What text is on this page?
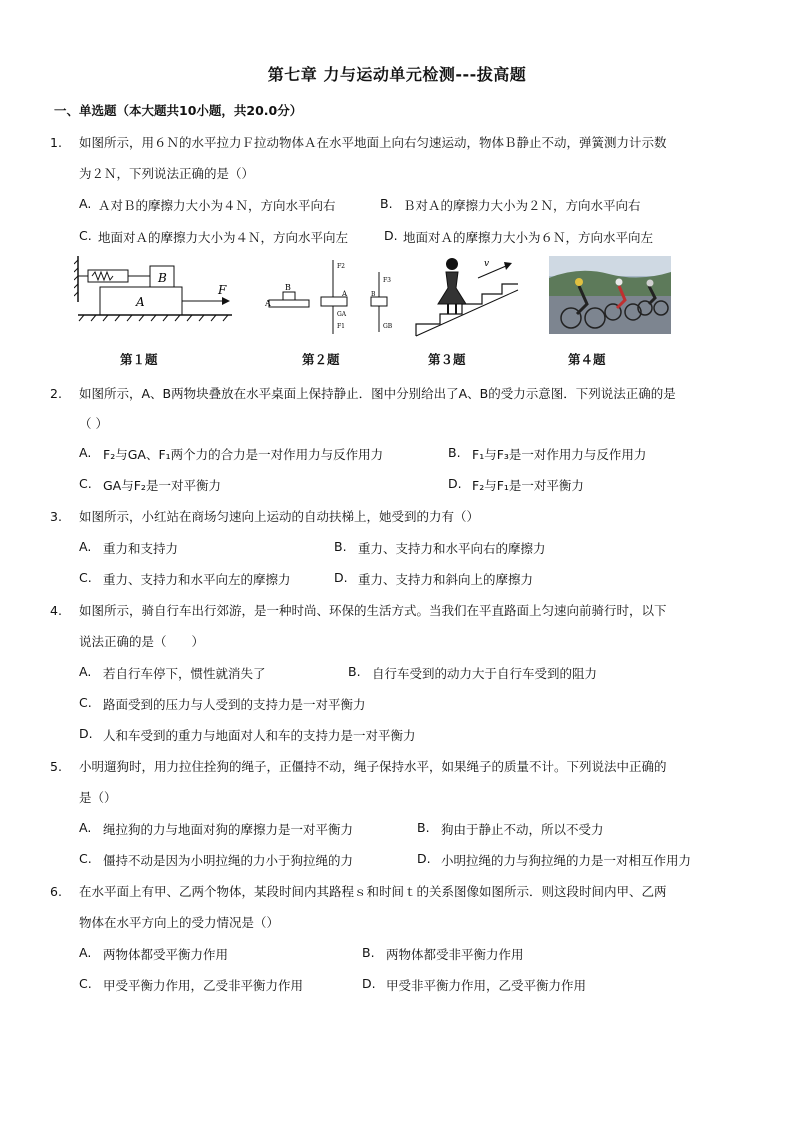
第七章 力与运动单元检测---拔高题
一、单选题（本大题共10小题，共20.0分）
1. 如图所示，用６Ｎ的水平拉力Ｆ拉动物体Ａ在水平地面上向右匀速运动，物体Ｂ静止不动，弹簧测力计示数
为２Ｎ，下列说法正确的是（）
A. Ａ对Ｂ的摩擦力大小为４Ｎ，方向水平向右	B. Ｂ对Ａ的摩擦力大小为２Ｎ，方向水平向右
C. 地面对Ａ的摩擦力大小为４Ｎ，方向水平向左	D. 地面对Ａ的摩擦力大小为６Ｎ，方向水平向左
B
A
F	B
A
A
F2
GA
F1
B
F3
GB
v
第１题	第２题	第３题	第４题
2. 如图所示，A、B两物块叠放在水平桌面上保持静止．图中分别给出了A、B的受力示意图．下列说法正确的是
（ ）
A. F₂与GA、F₁两个力的合力是一对作用力与反作用力	B. F₁与F₃是一对作用力与反作用力
C. GA与F₂是一对平衡力	D. F₂与F₁是一对平衡力
3. 如图所示，小红站在商场匀速向上运动的自动扶梯上，她受到的力有（）
A. 重力和支持力	B. 重力、支持力和水平向右的摩擦力
C. 重力、支持力和水平向左的摩擦力	D. 重力、支持力和斜向上的摩擦力
4. 如图所示，骑自行车出行郊游，是一种时尚、环保的生活方式。当我们在平直路面上匀速向前骑行时，以下
说法正确的是（　　）
A. 若自行车停下，惯性就消失了	B. 自行车受到的动力大于自行车受到的阻力
C. 路面受到的压力与人受到的支持力是一对平衡力
D. 人和车受到的重力与地面对人和车的支持力是一对平衡力
5. 小明遛狗时，用力拉住拴狗的绳子，正僵持不动，绳子保持水平，如果绳子的质量不计。下列说法中正确的
是（）
A. 绳拉狗的力与地面对狗的摩擦力是一对平衡力	B. 狗由于静止不动，所以不受力
C. 僵持不动是因为小明拉绳的力小于狗拉绳的力	D. 小明拉绳的力与狗拉绳的力是一对相互作用力
6. 在水平面上有甲、乙两个物体，某段时间内其路程ｓ和时间ｔ的关系图像如图所示．则这段时间内甲、乙两
物体在水平方向上的受力情况是（）
A. 两物体都受平衡力作用	B. 两物体都受非平衡力作用
C. 甲受平衡力作用，乙受非平衡力作用	D. 甲受非平衡力作用，乙受平衡力作用
